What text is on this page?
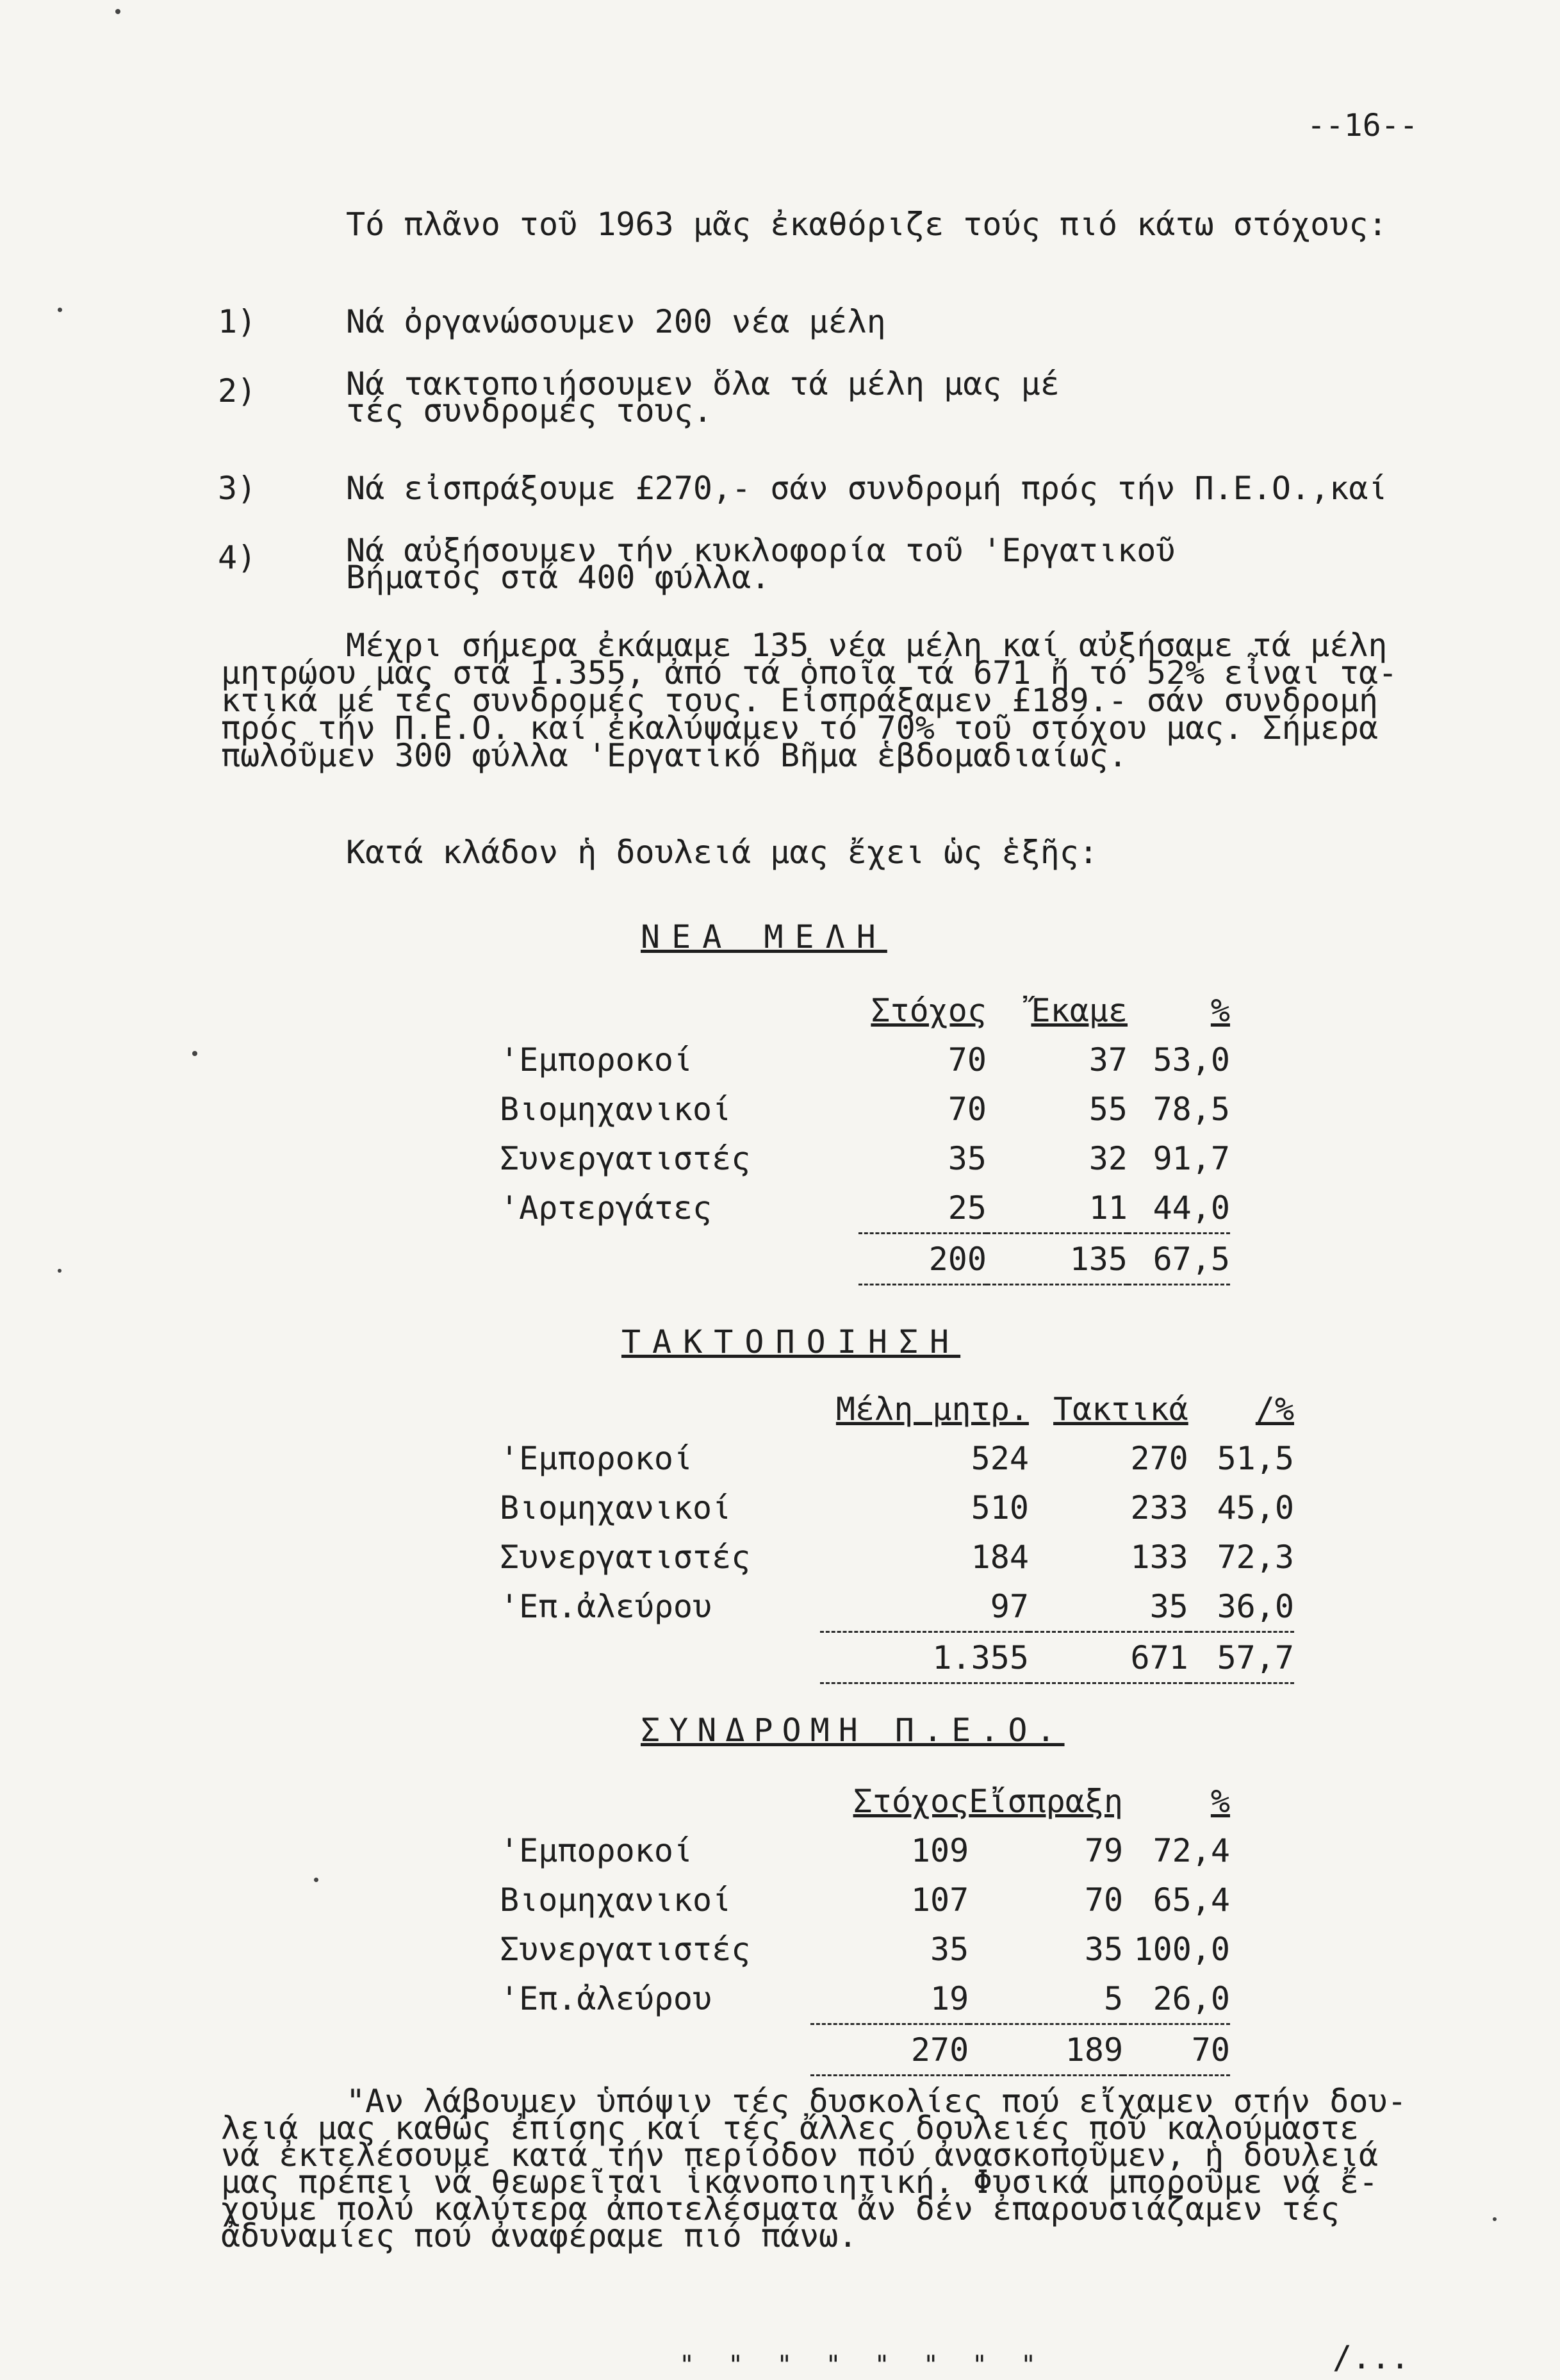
--16--
Τό πλᾶνο τοῦ 1963 μᾶς ἐκαθόριζε τούς πιό κάτω στόχους:
1)	Νά ὀργανώσουμεν 200 νέα μέλη
2)	Νά τακτοποιήσουμεν ὅλα τά μέλη μας μέ
τές συνδρομές τους.
3)	Νά εἰσπράξουμε £270,- σάν συνδρομή πρός τήν Π.Ε.Ο.,καί
4)	Νά αὐξήσουμεν τήν κυκλοφορία τοῦ 'Εργατικοῦ
Βήματος στά 400 φύλλα.
Μέχρι σήμερα ἐκάμαμε 135 νέα μέλη καί αὐξήσαμε τά μέλη
μητρώου μας στά 1.355, ἀπό τά ὁποῖα τά 671 ἤ τό 52% εἶναι τα-
κτικά μέ τές συνδρομές τους. Εἰσπράξαμεν £189.- σάν συνδρομή
πρός τήν Π.Ε.Ο. καί ἐκαλύψαμεν τό 70% τοῦ στόχου μας. Σήμερα
πωλοῦμεν 300 φύλλα 'Εργατικό Βῆμα ἑβδομαδιαίως.
Κατά κλάδον ἡ δουλειά μας ἔχει ὡς ἑξῆς:
ΝΕΑ ΜΕΛΗ
	Στόχος	Ἔκαμε	%
'Εμποροκοί	70	37	53,0
Βιομηχανικοί	70	55	78,5
Συνεργατιστές	35	32	91,7
'Αρτεργάτες	25	11	44,0
	200	135	67,5
ΤΑΚΤΟΠΟΙΗΣΗ
	Μέλη μητρ.	Τακτικά	/%
'Εμποροκοί	524	270	51,5
Βιομηχανικοί	510	233	45,0
Συνεργατιστές	184	133	72,3
'Επ.ἀλεύρου	97	35	36,0
	1.355	671	57,7
ΣΥΝΔΡΟΜΗ Π.Ε.Ο.
	Στόχος	Εἴσπραξη	%
'Εμποροκοί	109	79	72,4
Βιομηχανικοί	107	70	65,4
Συνεργατιστές	35	35	100,0
'Επ.ἀλεύρου	19	5	26,0
	270	189	70
"Αν λάβουμεν ὑπόψιν τές δυσκολίες πού εἴχαμεν στήν δου-
λειά μας καθώς ἐπίσης καί τές ἄλλες δουλειές πού καλούμαστε
νά ἐκτελέσουμε κατά τήν περίοδον πού ἀνασκοποῦμεν, ἡ δουλειά
μας πρέπει νά θεωρεῖται ἱκανοποιητική. Φυσικά μποροῦμε νά ἔ-
χουμε πολύ καλύτερα ἀποτελέσματα ἄν δέν ἐπαρουσιάζαμεν τές
ἀδυναμίες πού ἀναφέραμε πιό πάνω.
" " " " " " " "	/...
